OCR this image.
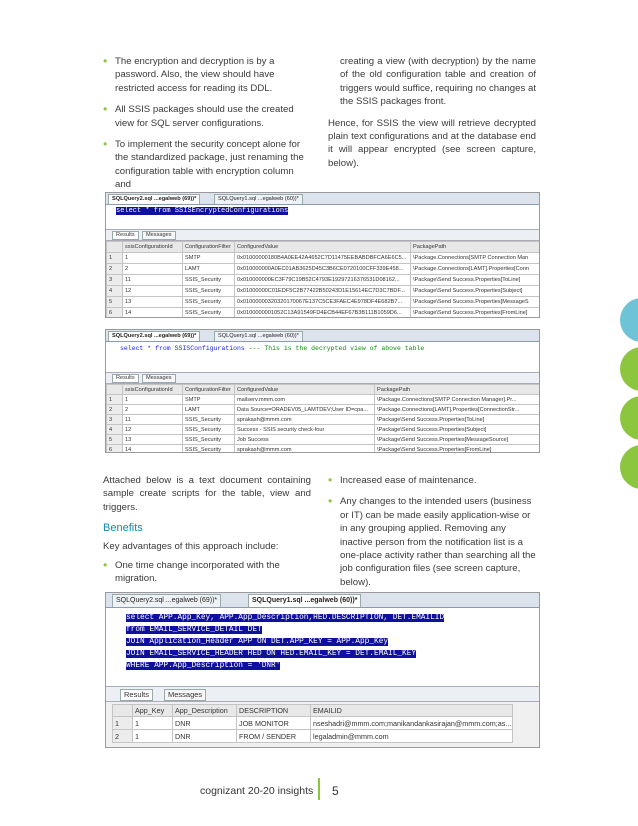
• The encryption and decryption is by a password. Also, the view should have restricted access for reading its DDL.

• All SSIS packages should use the created view for SQL server configurations.

• To implement the security concept alone for the standardized package, just renaming the configuration table with encryption column and

creating a view (with decryption) by the name of the old configuration table and creation of triggers would suffice, requiring no changes at the SSIS packages front.

Hence, for SSIS the view will retrieve decrypted plain text configurations and at the database end it will appear encrypted (see screen capture, below).

SQLQuery2.sql ...egalweb (69))*	SQLQuery1.sql ...egalweb (60))*
select * from SSISEncryptedConfigurations
Results	Messages
	ssisConfigurationId	ConfigurationFilter	ConfiguredValue	PackagePath
1	1	SMTP	0x01000000180B4A0EE42A4652C7D11475EEBABDBFCA6E6C5...	\Package.Connections[SMTP Connection Man
2	2	LAMT	0x010000000A0EC01AB3625D45C3B6CE0720100CFF339E458...	\Package.Connections[LAMT].Properties[Conn
3	11	SSIS_Security	0x010000000EC3F79C19B52C4793E19297216376531D08162...	\Package\Send Success.Properties[ToLine]
4	12	SSIS_Security	0x01000000C01EDF5C2B77422B50243D1E15614EC7D3C7BDF...	\Package\Send Success.Properties[Subject]
5	13	SSIS_Security	0x01000000320320170067E137C5CE3FAEC4E978DF4E682B7...	\Package\Send Success.Properties[MessageS
6	14	SSIS_Security	0x0100000001052C13A91549FD4ECB44EF67B3B111B1059D6...	\Package\Send Success.Properties[FromLine]
SQLQuery2.sql ...egalweb (69))*	SQLQuery1.sql ...egalweb (60))*
select * from SSISConfigurations --- This is the decrypted view of above table
Results	Messages
	ssisConfigurationId	ConfigurationFilter	ConfiguredValue	PackagePath
1	1	SMTP	mailserv.mmm.com	\Package.Connections[SMTP Connection Manager].Pr...
2	2	LAMT	Data Source=ORADEV05_LAMTDEV;User ID=cpa...	\Package.Connections[LAMT].Properties[ConnectionStr...
3	11	SSIS_Security	sprakash@mmm.com	\Package\Send Success.Properties[ToLine]
4	12	SSIS_Security	Success - SSIS security check-four	\Package\Send Success.Properties[Subject]
5	13	SSIS_Security	Job Success	\Package\Send Success.Properties[MessageSource]
6	14	SSIS_Security	sprakash@mmm.com	\Package\Send Success.Properties[FromLine]

Attached below is a text document containing sample create scripts for the table, view and triggers.

Benefits

Key advantages of this approach include:

• One time change incorporated with the migration.

• Increased ease of maintenance.

• Any changes to the intended users (business or IT) can be made easily application-wise or in any grouping applied. Removing any inactive person from the notification list is a one-place activity rather than searching all the job configuration files (see screen capture, below).

SQLQuery2.sql ...egalweb (69))*	SQLQuery1.sql ...egalweb (60))*
select APP.App_Key, APP.App_Description,HED.DESCRIPTION, DET.EMAILID
from EMAIL_SERVICE_DETAIL DET
JOIN Application_Header APP ON DET.APP_KEY = APP.App_Key
JOIN EMAIL_SERVICE_HEADER HED ON HED.EMAIL_KEY = DET.EMAIL_KEY
WHERE APP.App_Description = 'DNR'
Results	Messages
	App_Key	App_Description	DESCRIPTION	EMAILID
1	1	DNR	JOB MONITOR	nseshadri@mmm.com;manikandankasirajan@mmm.com;as...
2	1	DNR	FROM / SENDER	legaladmin@mmm.com
cognizant 20-20 insights 5
